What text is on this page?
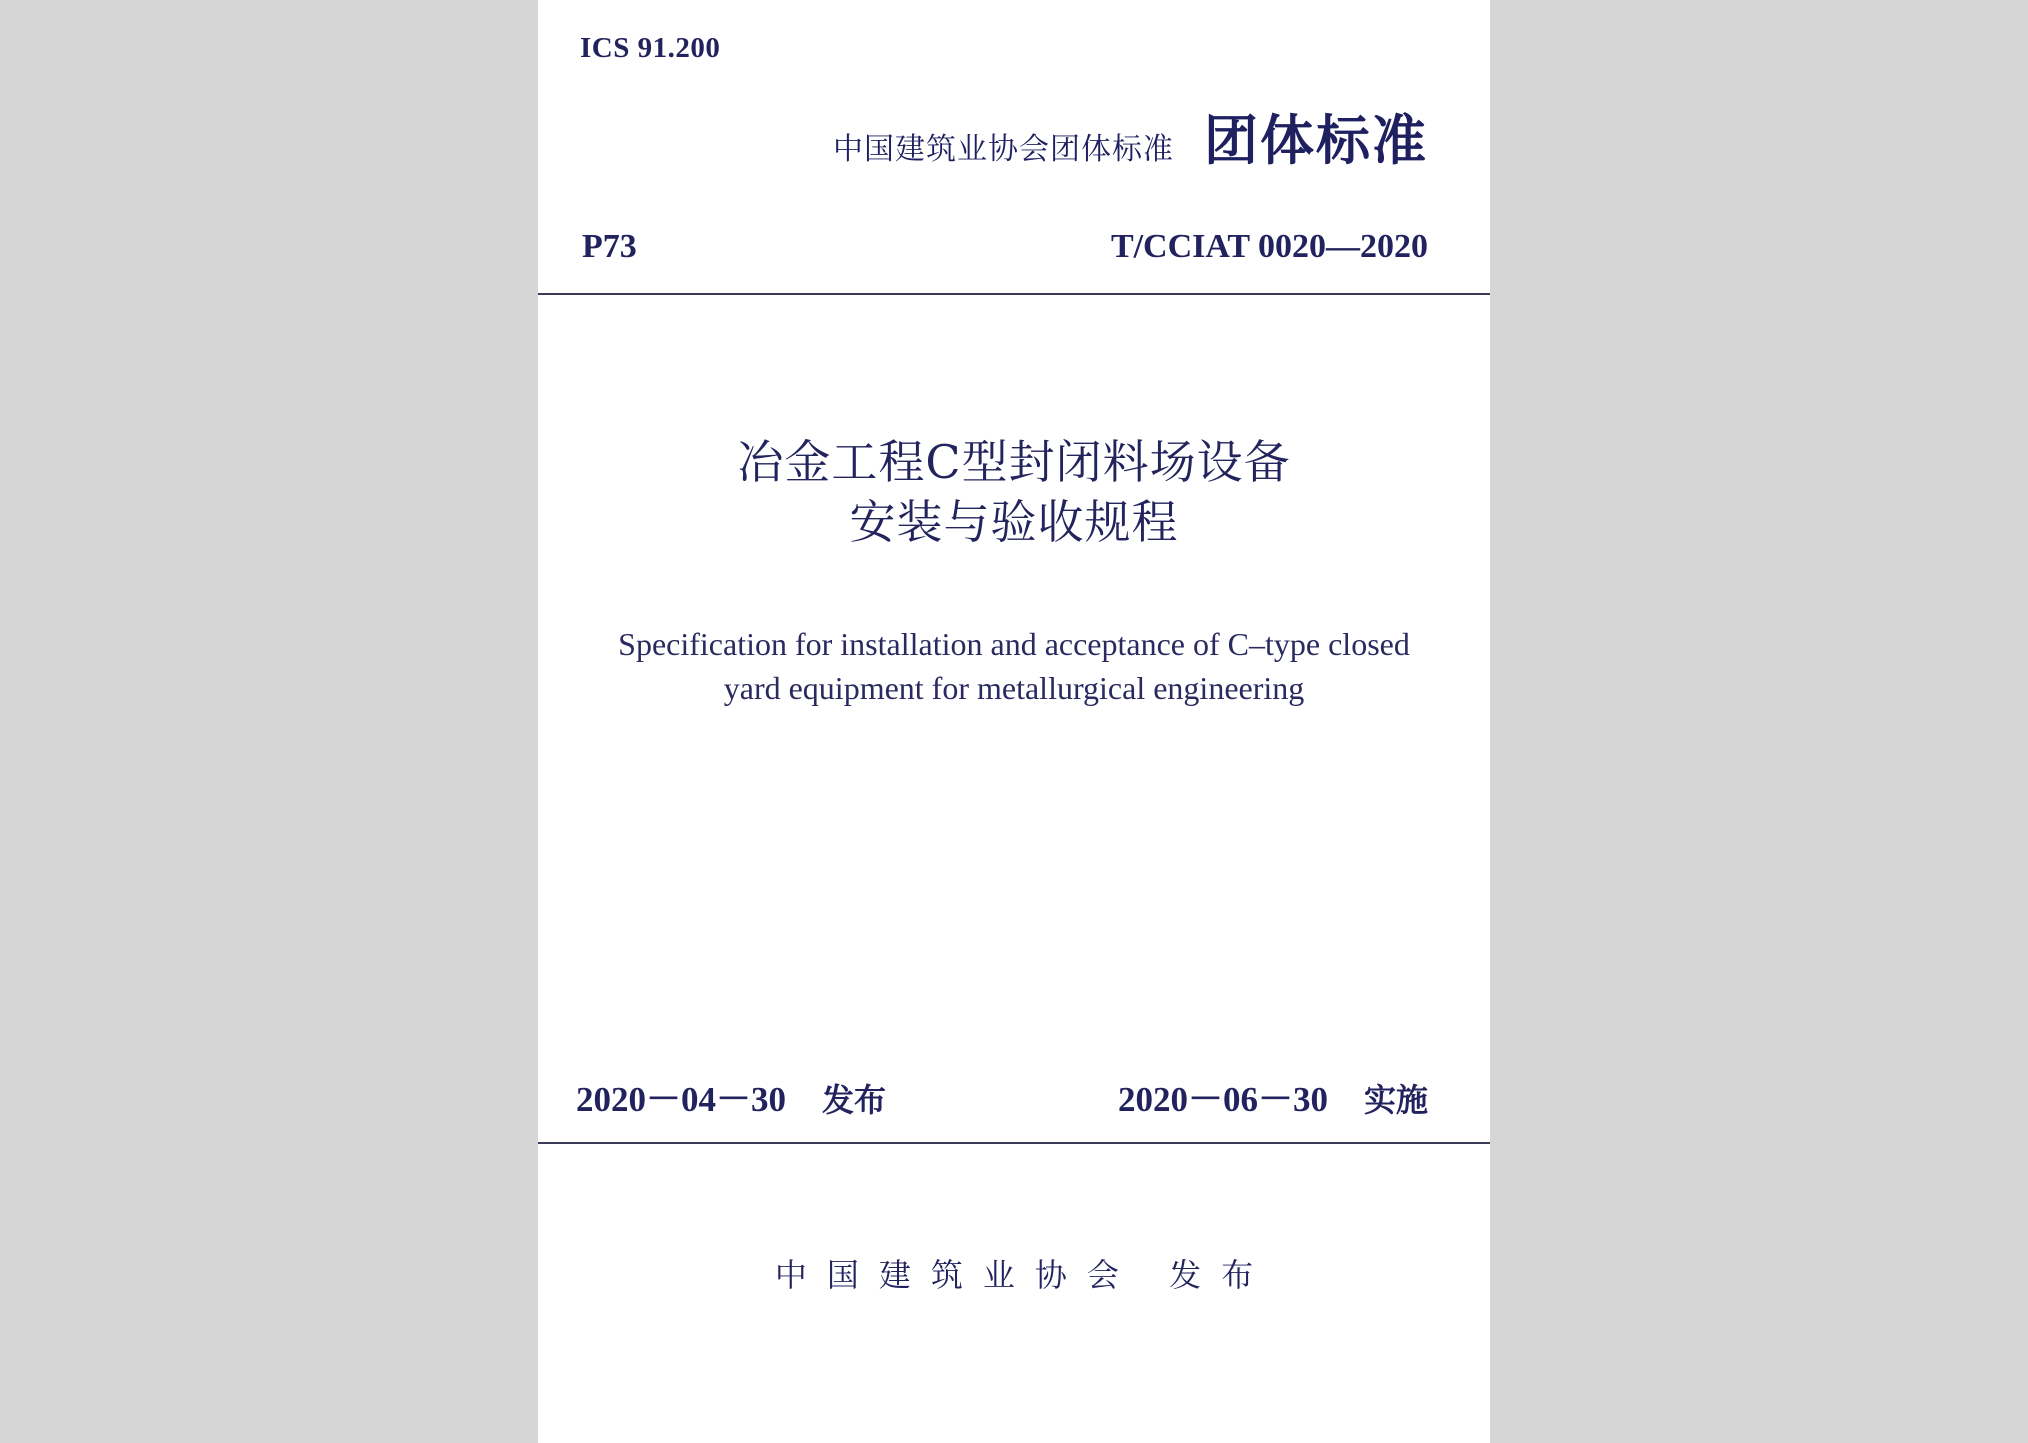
ICS 91.200
中国建筑业协会团体标准 团体标准
P73	T/CCIAT 0020—2020
冶金工程C型封闭料场设备
安装与验收规程
Specification for installation and acceptance of C–type closed
yard equipment for metallurgical engineering
2020－04－30 发布	2020－06－30 实施
中国建筑业协会 发布
